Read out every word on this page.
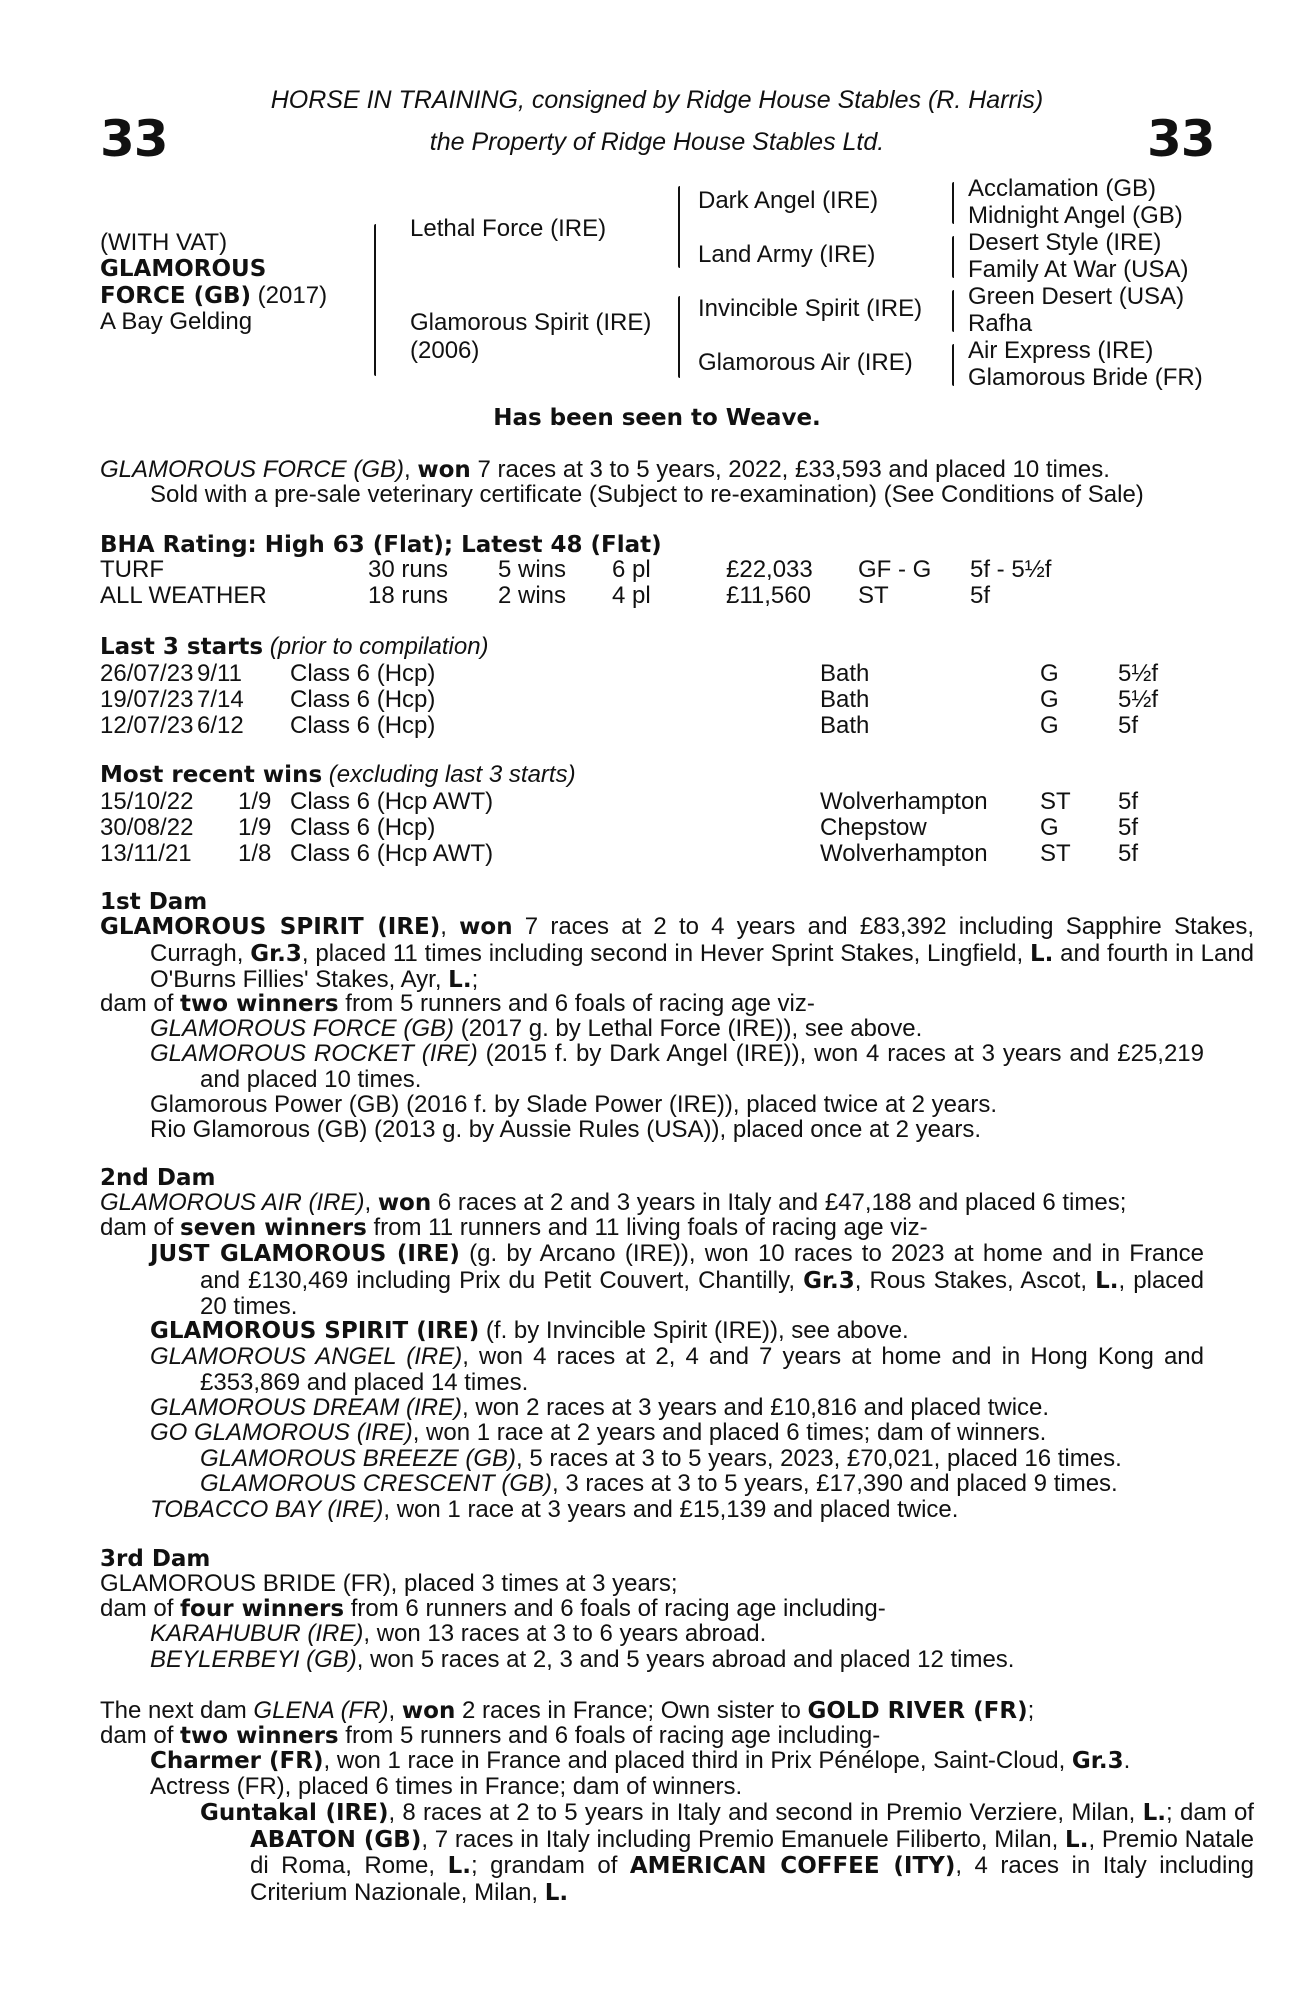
33	33
HORSE IN TRAINING, consigned by Ridge House Stables (R. Harris)
the Property of Ridge House Stables Ltd.
(WITH VAT)
GLAMOROUS
FORCE (GB) (2017)
A Bay Gelding
Lethal Force (IRE)
Glamorous Spirit (IRE)
(2006)
Dark Angel (IRE)
Land Army (IRE)
Invincible Spirit (IRE)
Glamorous Air (IRE)
Acclamation (GB)
Midnight Angel (GB)
Desert Style (IRE)
Family At War (USA)
Green Desert (USA)
Rafha
Air Express (IRE)
Glamorous Bride (FR)
Has been seen to Weave.
GLAMOROUS FORCE (GB), won 7 races at 3 to 5 years, 2022, £33,593 and placed 10 times.
Sold with a pre-sale veterinary certificate (Subject to re-examination) (See Conditions of Sale)
BHA Rating: High 63 (Flat); Latest 48 (Flat)
TURF	30 runs 5 wins 6 pl	£22,033 GF - G 5f - 5½f
ALL WEATHER	18 runs 2 wins 4 pl	£11,560 ST	5f
Last 3 starts (prior to compilation)
26/07/23 9/11 Class 6 (Hcp)	Bath	G 5½f
19/07/23 7/14 Class 6 (Hcp)	Bath	G 5½f
12/07/23 6/12 Class 6 (Hcp)	Bath	G 5f
Most recent wins (excluding last 3 starts)
15/10/22 1/9 Class 6 (Hcp AWT)	Wolverhampton ST 5f
30/08/22 1/9 Class 6 (Hcp)	Chepstow	G 5f
13/11/21 1/8 Class 6 (Hcp AWT)	Wolverhampton ST 5f
1st Dam
GLAMOROUS SPIRIT (IRE), won 7 races at 2 to 4 years and £83,392 including Sapphire Stakes, Curragh, Gr.3, placed 11 times including second in Hever Sprint Stakes, Lingfield, L. and fourth in Land O'Burns Fillies' Stakes, Ayr, L.;
dam of two winners from 5 runners and 6 foals of racing age viz-
GLAMOROUS FORCE (GB) (2017 g. by Lethal Force (IRE)), see above.
GLAMOROUS ROCKET (IRE) (2015 f. by Dark Angel (IRE)), won 4 races at 3 years and £25,219 and placed 10 times.
Glamorous Power (GB) (2016 f. by Slade Power (IRE)), placed twice at 2 years.
Rio Glamorous (GB) (2013 g. by Aussie Rules (USA)), placed once at 2 years.
2nd Dam
GLAMOROUS AIR (IRE), won 6 races at 2 and 3 years in Italy and £47,188 and placed 6 times;
dam of seven winners from 11 runners and 11 living foals of racing age viz-
JUST GLAMOROUS (IRE) (g. by Arcano (IRE)), won 10 races to 2023 at home and in France and £130,469 including Prix du Petit Couvert, Chantilly, Gr.3, Rous Stakes, Ascot, L., placed 20 times.
GLAMOROUS SPIRIT (IRE) (f. by Invincible Spirit (IRE)), see above.
GLAMOROUS ANGEL (IRE), won 4 races at 2, 4 and 7 years at home and in Hong Kong and £353,869 and placed 14 times.
GLAMOROUS DREAM (IRE), won 2 races at 3 years and £10,816 and placed twice.
GO GLAMOROUS (IRE), won 1 race at 2 years and placed 6 times; dam of winners.
GLAMOROUS BREEZE (GB), 5 races at 3 to 5 years, 2023, £70,021, placed 16 times.
GLAMOROUS CRESCENT (GB), 3 races at 3 to 5 years, £17,390 and placed 9 times.
TOBACCO BAY (IRE), won 1 race at 3 years and £15,139 and placed twice.
3rd Dam
GLAMOROUS BRIDE (FR), placed 3 times at 3 years;
dam of four winners from 6 runners and 6 foals of racing age including-
KARAHUBUR (IRE), won 13 races at 3 to 6 years abroad.
BEYLERBEYI (GB), won 5 races at 2, 3 and 5 years abroad and placed 12 times.
The next dam GLENA (FR), won 2 races in France; Own sister to GOLD RIVER (FR);
dam of two winners from 5 runners and 6 foals of racing age including-
Charmer (FR), won 1 race in France and placed third in Prix Pénélope, Saint-Cloud, Gr.3.
Actress (FR), placed 6 times in France; dam of winners.
Guntakal (IRE), 8 races at 2 to 5 years in Italy and second in Premio Verziere, Milan, L.; dam of ABATON (GB), 7 races in Italy including Premio Emanuele Filiberto, Milan, L., Premio Natale di Roma, Rome, L.; grandam of AMERICAN COFFEE (ITY), 4 races in Italy including Criterium Nazionale, Milan, L.
